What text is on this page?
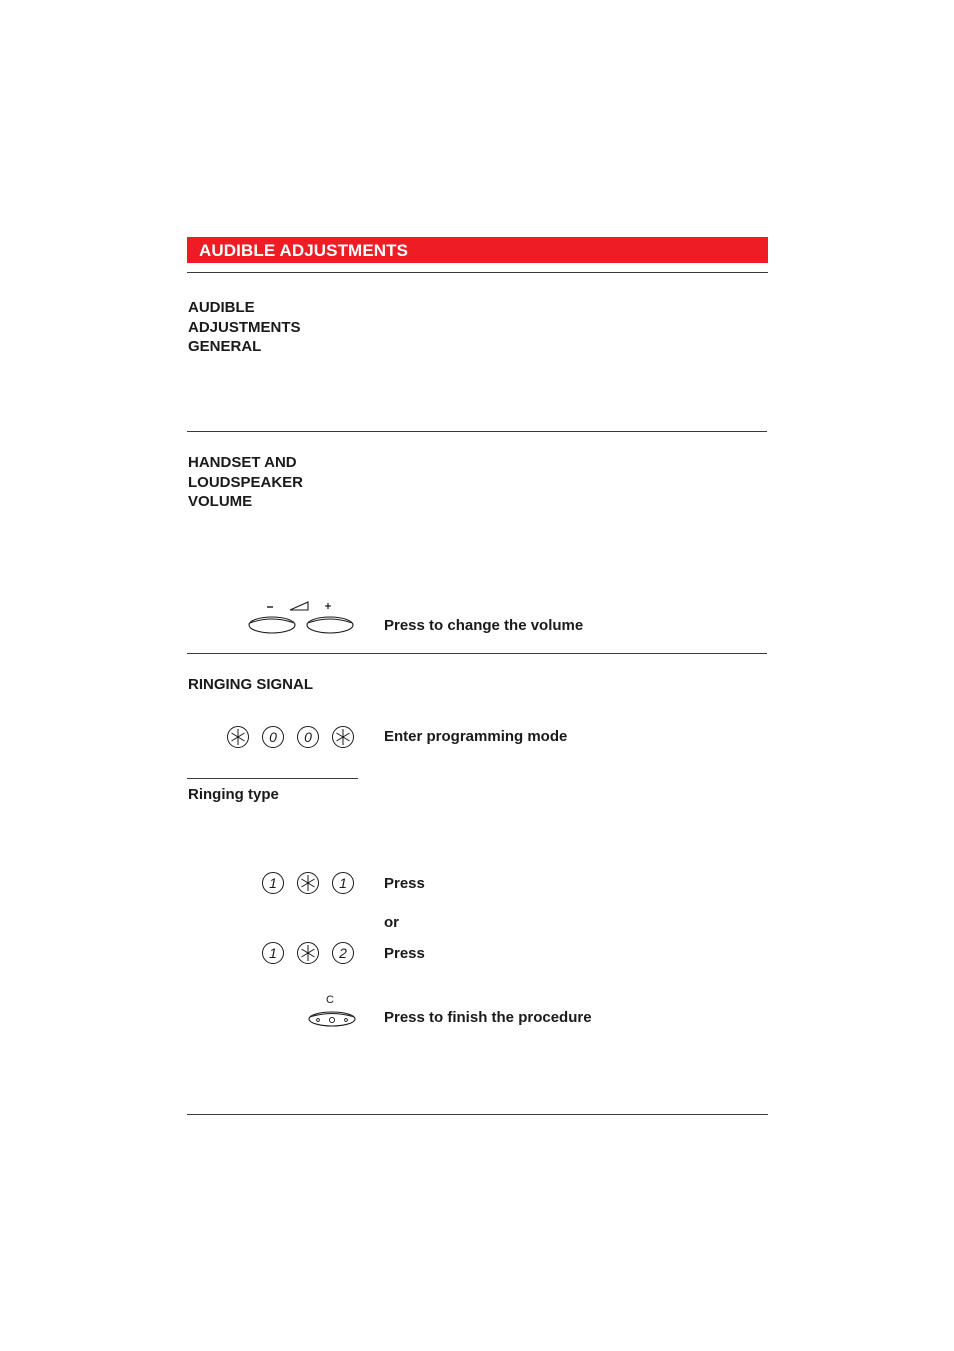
AUDIBLE ADJUSTMENTS
AUDIBLE
ADJUSTMENTS
GENERAL
HANDSET AND
LOUDSPEAKER
VOLUME
Press to change the volume
RINGING SIGNAL
0 0	Enter programming mode
Ringing type
1	1 Press
or
1	2 Press
C
Press to finish the procedure
